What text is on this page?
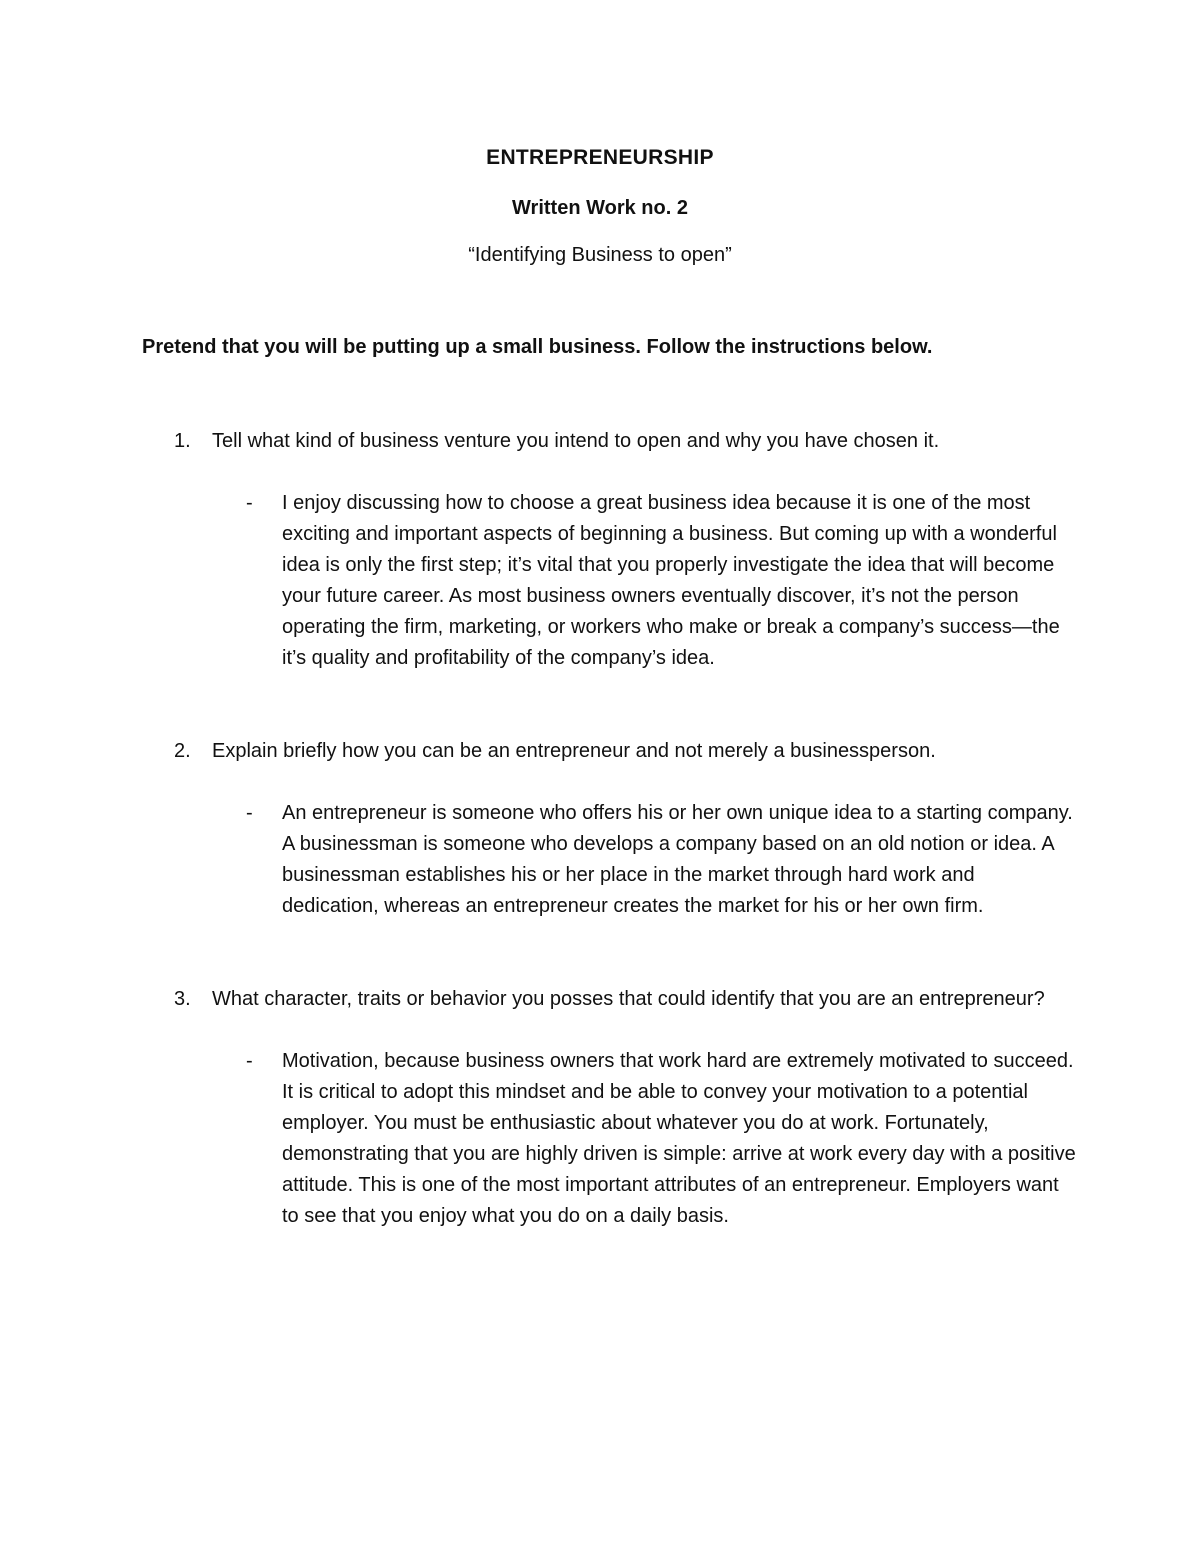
ENTREPRENEURSHIP
Written Work no. 2
“Identifying Business to open”
Pretend that you will be putting up a small business. Follow the instructions below.
1. Tell what kind of business venture you intend to open and why you have chosen it.
- I enjoy discussing how to choose a great business idea because it is one of the most exciting and important aspects of beginning a business. But coming up with a wonderful idea is only the first step; it’s vital that you properly investigate the idea that will become your future career. As most business owners eventually discover, it’s not the person operating the firm, marketing, or workers who make or break a company’s success—the it’s quality and profitability of the company’s idea.
2. Explain briefly how you can be an entrepreneur and not merely a businessperson.
- An entrepreneur is someone who offers his or her own unique idea to a starting company. A businessman is someone who develops a company based on an old notion or idea. A businessman establishes his or her place in the market through hard work and dedication, whereas an entrepreneur creates the market for his or her own firm.
3. What character, traits or behavior you posses that could identify that you are an entrepreneur?
- Motivation, because business owners that work hard are extremely motivated to succeed. It is critical to adopt this mindset and be able to convey your motivation to a potential employer. You must be enthusiastic about whatever you do at work. Fortunately, demonstrating that you are highly driven is simple: arrive at work every day with a positive attitude. This is one of the most important attributes of an entrepreneur. Employers want to see that you enjoy what you do on a daily basis.
